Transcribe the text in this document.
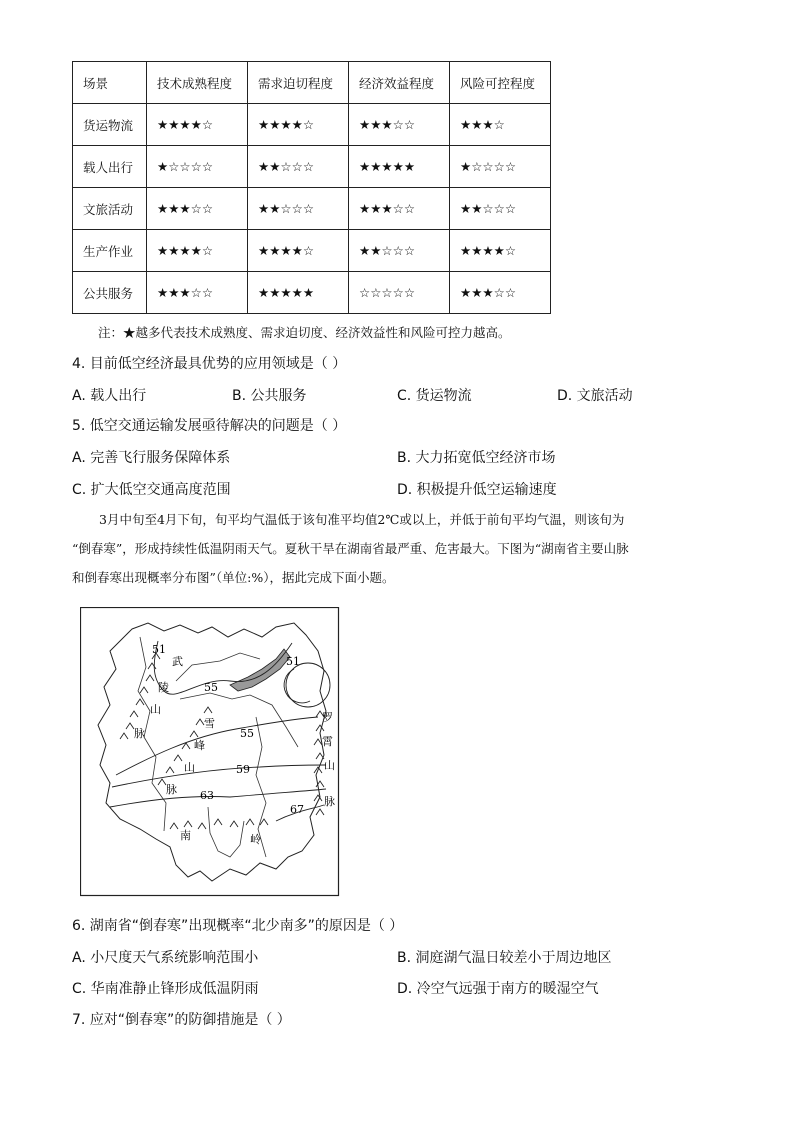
场景	技术成熟程度	需求迫切程度	经济效益程度	风险可控程度
货运物流	★★★★☆	★★★★☆	★★★☆☆	★★★☆
载人出行	★☆☆☆☆	★★☆☆☆	★★★★★	★☆☆☆☆
文旅活动	★★★☆☆	★★☆☆☆	★★★☆☆	★★☆☆☆
生产作业	★★★★☆	★★★★☆	★★☆☆☆	★★★★☆
公共服务	★★★☆☆	★★★★★	☆☆☆☆☆	★★★☆☆
注：★越多代表技术成熟度、需求迫切度、经济效益性和风险可控力越高。
4. 目前低空经济最具优势的应用领域是（ ）
A. 载人出行	B. 公共服务	C. 货运物流	D. 文旅活动
5. 低空交通运输发展亟待解决的问题是（ ）
A. 完善飞行服务保障体系	B. 大力拓宽低空经济市场
C. 扩大低空交通高度范围	D. 积极提升低空运输速度
3月中旬至4月下旬，旬平均气温低于该旬准平均值2℃或以上，并低于前旬平均气温，则该旬为
“倒春寒”，形成持续性低温阴雨天气。夏秋干旱在湖南省最严重、危害最大。下图为“湖南省主要山脉
和倒春寒出现概率分布图”（单位:%），据此完成下面小题。
51
51
55
55
59
63
67
武
陵
山
脉
雪
峰
山
脉
罗
霄
山
脉
南	岭
6. 湖南省“倒春寒”出现概率“北少南多”的原因是（ ）
A. 小尺度天气系统影响范围小	B. 洞庭湖气温日较差小于周边地区
C. 华南准静止锋形成低温阴雨	D. 冷空气远强于南方的暖湿空气
7. 应对“倒春寒”的防御措施是（ ）
